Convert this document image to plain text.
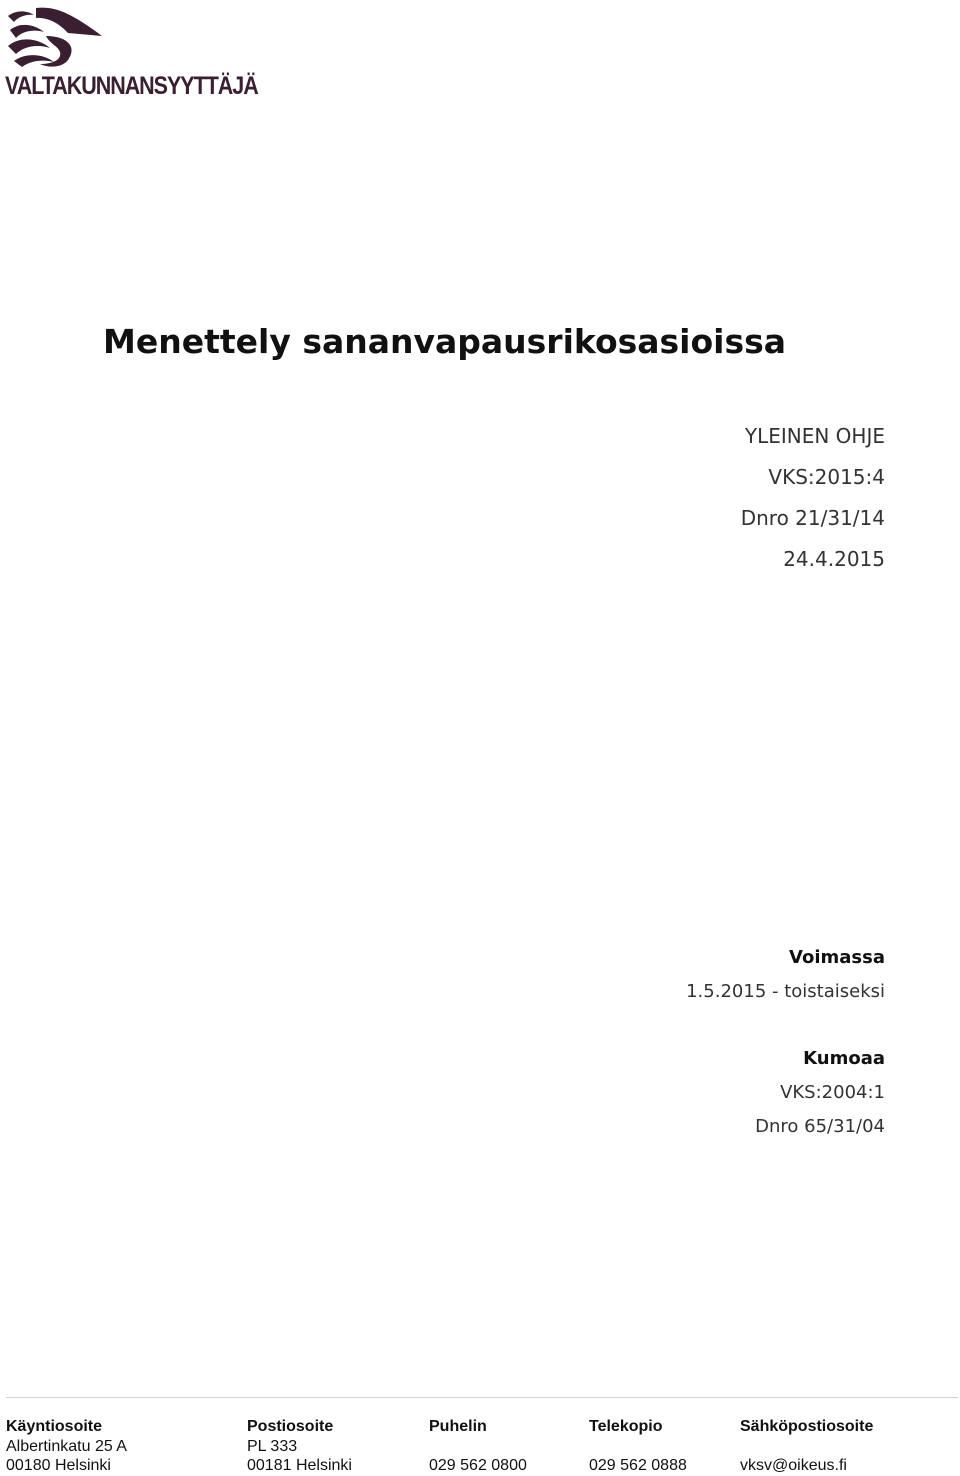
VALTAKUNNANSYYTTÄJÄ
Menettely sananvapausrikosasioissa
YLEINEN OHJE
VKS:2015:4
Dnro 21/31/14
24.4.2015
Voimassa
1.5.2015 - toistaiseksi
Kumoaa
VKS:2004:1
Dnro 65/31/04
Käyntiosoite
Albertinkatu 25 A
00180 Helsinki
Postiosoite
PL 333
00181 Helsinki
Puhelin

029 562 0800
Telekopio

029 562 0888
Sähköpostiosoite

vksv@oikeus.fi
